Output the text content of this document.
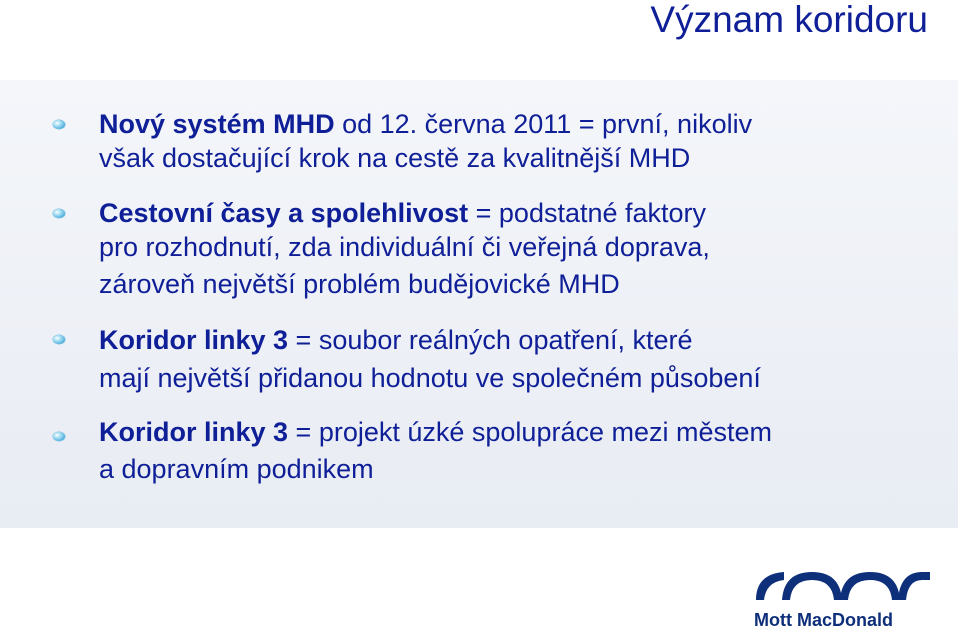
Význam koridoru
Nový systém MHD od 12. června 2011 = první, nikoliv
však dostačující krok na cestě za kvalitnější MHD
Cestovní časy a spolehlivost = podstatné faktory
pro rozhodnutí, zda individuální či veřejná doprava,
zároveň největší problém budějovické MHD
Koridor linky 3 = soubor reálných opatření, které
mají největší přidanou hodnotu ve společném působení
Koridor linky 3 = projekt úzké spolupráce mezi městem
a dopravním podnikem
Mott MacDonald
